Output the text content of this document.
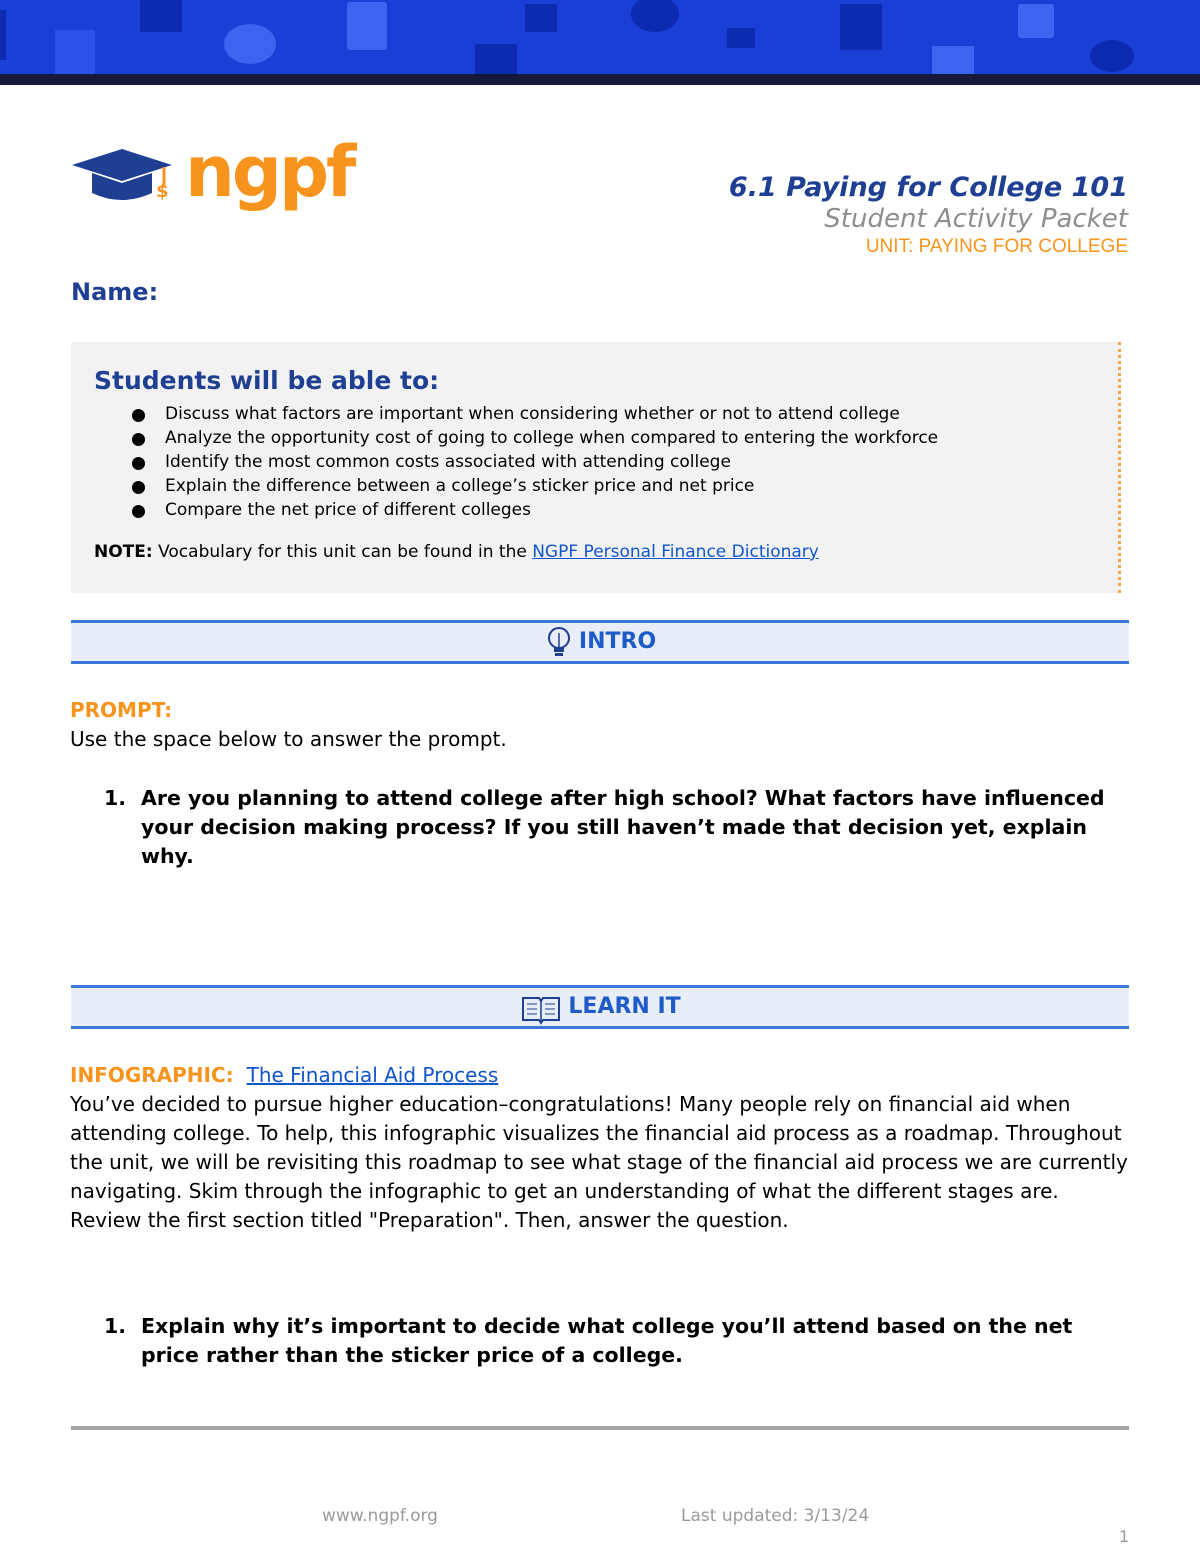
$ ngpf	6.1 Paying for College 101
Student Activity Packet
UNIT: PAYING FOR COLLEGE
Name:
Students will be able to:
Discuss what factors are important when considering whether or not to attend college
Analyze the opportunity cost of going to college when compared to entering the workforce
Identify the most common costs associated with attending college
Explain the difference between a college’s sticker price and net price
Compare the net price of different colleges
NOTE: Vocabulary for this unit can be found in the NGPF Personal Finance Dictionary
INTRO
PROMPT:
Use the space below to answer the prompt.
1. Are you planning to attend college after high school? What factors have influenced your decision making process? If you still haven’t made that decision yet, explain why.
LEARN IT
INFOGRAPHIC: The Financial Aid Process
You’ve decided to pursue higher education–congratulations! Many people rely on financial aid when attending college. To help, this infographic visualizes the financial aid process as a roadmap. Throughout the unit, we will be revisiting this roadmap to see what stage of the financial aid process we are currently navigating. Skim through the infographic to get an understanding of what the different stages are. Review the first section titled "Preparation". Then, answer the question.
1. Explain why it’s important to decide what college you’ll attend based on the net price rather than the sticker price of a college.
www.ngpf.org	Last updated: 3/13/24
1
